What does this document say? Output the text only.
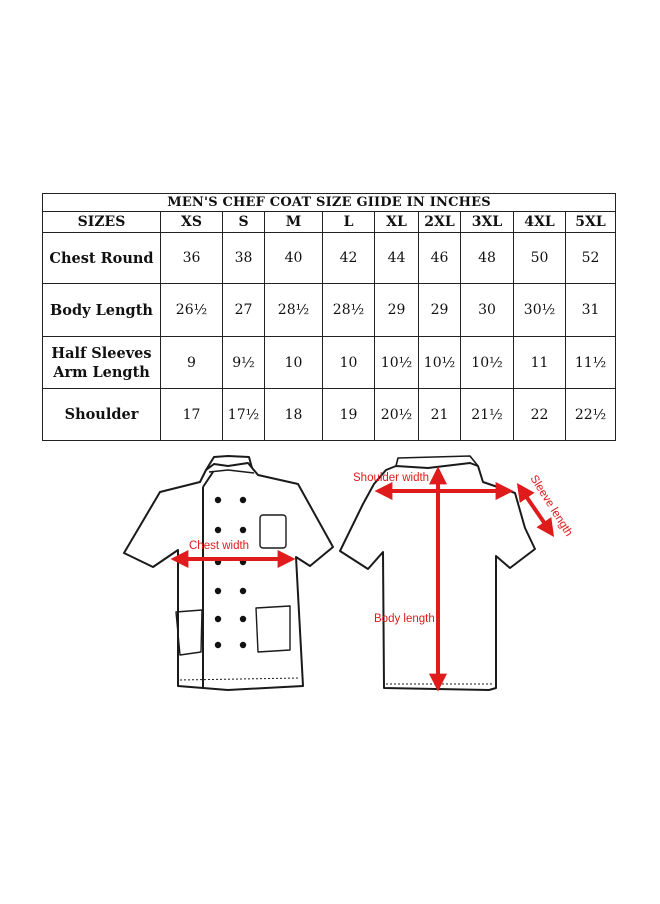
MEN'S CHEF COAT SIZE GIIDE IN INCHES									
SIZES	XS	S	M	L	XL	2XL	3XL	4XL	5XL

Chest Round	36	38	40	42	44	46	48	50	52

Body Length	26½	27	28½	28½	29	29	30	30½	31

Half Sleeves
Arm Length	9	9½	10	10	10½	10½	10½	11	11½

Shoulder	17	17½	18	19	20½	21	21½	22	22½
Chest width
Shoulder width
Body length
Sleeve length
